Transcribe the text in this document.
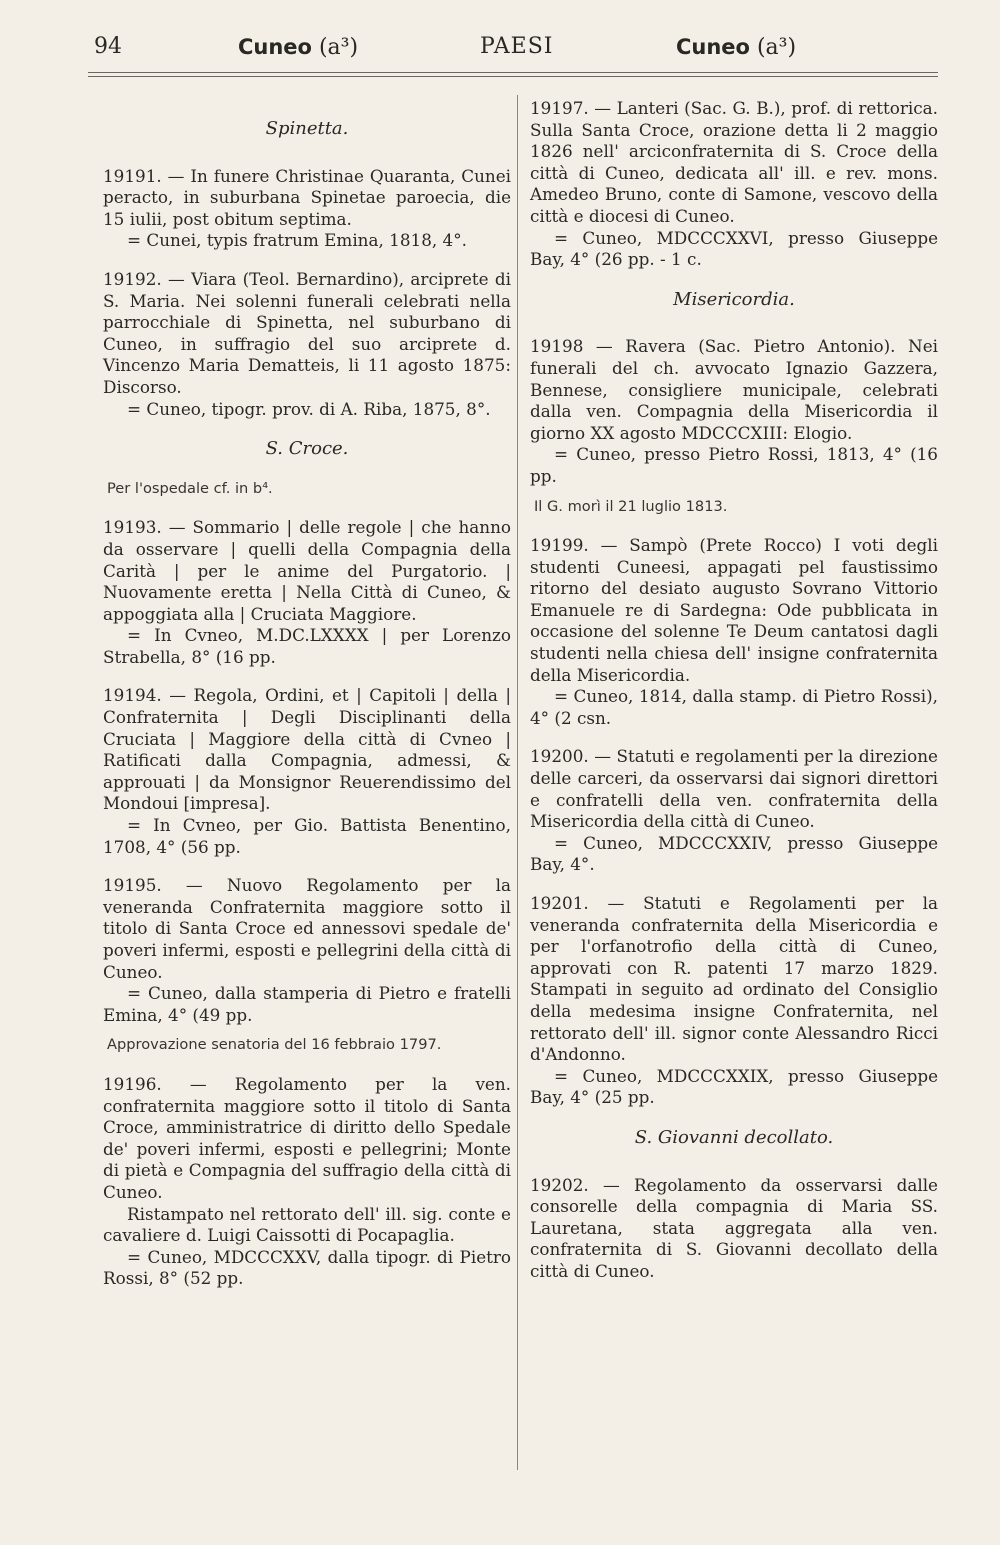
94	Cuneo (a³)	PAESI	Cuneo (a³)
Spinetta.

19191. — In funere Christinae Quaranta, Cunei peracto, in suburbana Spinetae paroecia, die 15 iulii, post obitum septima.

= Cunei, typis fratrum Emina, 1818, 4°.

19192. — Viara (Teol. Bernardino), arciprete di S. Maria. Nei solenni funerali celebrati nella parrocchiale di Spinetta, nel suburbano di Cuneo, in suffragio del suo arciprete d. Vincenzo Maria Dematteis, li 11 agosto 1875: Discorso.

= Cuneo, tipogr. prov. di A. Riba, 1875, 8°.

S. Croce.
Per l'ospedale cf. in b⁴.

19193. — Sommario | delle regole | che hanno da osservare | quelli della Compagnia della Carità | per le anime del Purgatorio. | Nuovamente eretta | Nella Città di Cuneo, & appoggiata alla | Cruciata Maggiore.

= In Cvneo, M.DC.LXXXX | per Lorenzo Strabella, 8° (16 pp.

19194. — Regola, Ordini, et | Capitoli | della | Confraternita | Degli Disciplinanti della Cruciata | Maggiore della città di Cvneo | Ratificati dalla Compagnia, admessi, & approuati | da Monsignor Reuerendissimo del Mondoui [impresa].

= In Cvneo, per Gio. Battista Benentino, 1708, 4° (56 pp.

19195. — Nuovo Regolamento per la veneranda Confraternita maggiore sotto il titolo di Santa Croce ed annessovi spedale de' poveri infermi, esposti e pellegrini della città di Cuneo.

= Cuneo, dalla stamperia di Pietro e fratelli Emina, 4° (49 pp.

Approvazione senatoria del 16 febbraio 1797.

19196. — Regolamento per la ven. confraternita maggiore sotto il titolo di Santa Croce, amministratrice di diritto dello Spedale de' poveri infermi, esposti e pellegrini; Monte di pietà e Compagnia del suffragio della città di Cuneo.

Ristampato nel rettorato dell' ill. sig. conte e cavaliere d. Luigi Caissotti di Pocapaglia.

= Cuneo, MDCCCXXV, dalla tipogr. di Pietro Rossi, 8° (52 pp.

19197. — Lanteri (Sac. G. B.), prof. di rettorica. Sulla Santa Croce, orazione detta li 2 maggio 1826 nell' arciconfraternita di S. Croce della città di Cuneo, dedicata all' ill. e rev. mons. Amedeo Bruno, conte di Samone, vescovo della città e diocesi di Cuneo.

= Cuneo, MDCCCXXVI, presso Giuseppe Bay, 4° (26 pp. - 1 c.

Misericordia.

19198 — Ravera (Sac. Pietro Antonio). Nei funerali del ch. avvocato Ignazio Gazzera, Bennese, consigliere municipale, celebrati dalla ven. Compagnia della Misericordia il giorno XX agosto MDCCCXIII: Elogio.

= Cuneo, presso Pietro Rossi, 1813, 4° (16 pp.

Il G. morì il 21 luglio 1813.

19199. — Sampò (Prete Rocco) I voti degli studenti Cuneesi, appagati pel faustissimo ritorno del desiato augusto Sovrano Vittorio Emanuele re di Sardegna: Ode pubblicata in occasione del solenne Te Deum cantatosi dagli studenti nella chiesa dell' insigne confraternita della Misericordia.

= Cuneo, 1814, dalla stamp. di Pietro Rossi), 4° (2 csn.

19200. — Statuti e regolamenti per la direzione delle carceri, da osservarsi dai signori direttori e confratelli della ven. confraternita della Misericordia della città di Cuneo.

= Cuneo, MDCCCXXIV, presso Giuseppe Bay, 4°.

19201. — Statuti e Regolamenti per la veneranda confraternita della Misericordia e per l'orfanotrofio della città di Cuneo, approvati con R. patenti 17 marzo 1829. Stampati in seguito ad ordinato del Consiglio della medesima insigne Confraternita, nel rettorato dell' ill. signor conte Alessandro Ricci d'Andonno.

= Cuneo, MDCCCXXIX, presso Giuseppe Bay, 4° (25 pp.

S. Giovanni decollato.

19202. — Regolamento da osservarsi dalle consorelle della compagnia di Maria SS. Lauretana, stata aggregata alla ven. confraternita di S. Giovanni decollato della città di Cuneo.
